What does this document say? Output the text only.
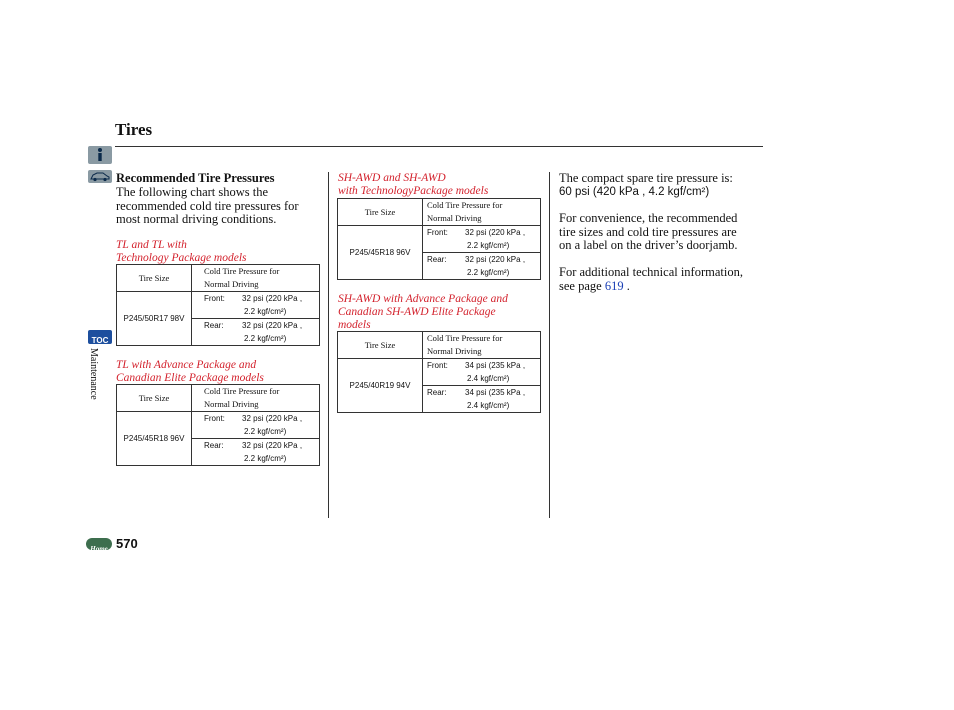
Tires
TOC
Maintenance
Home 570
Recommended Tire Pressures
The following chart shows the
recommended cold tire pressures for
most normal driving conditions.
TL and TL with
Technology Package models
Tire Size	Cold Tire Pressure for
Normal Driving

P245/50R17 98V	Front: 32 psi (220 kPa ,
2.2 kgf/cm²)

	Rear: 32 psi (220 kPa ,
2.2 kgf/cm²)
TL with Advance Package and
Canadian Elite Package models
Tire Size	Cold Tire Pressure for
Normal Driving

P245/45R18 96V	Front: 32 psi (220 kPa ,
2.2 kgf/cm²)

	Rear: 32 psi (220 kPa ,
2.2 kgf/cm²)
SH-AWD and SH-AWD
with TechnologyPackage models
Tire Size	Cold Tire Pressure for
Normal Driving

P245/45R18 96V	Front: 32 psi (220 kPa ,
2.2 kgf/cm²)

	Rear: 32 psi (220 kPa ,
2.2 kgf/cm²)
SH-AWD with Advance Package and
Canadian SH-AWD Elite Package
models
Tire Size	Cold Tire Pressure for
Normal Driving

P245/40R19 94V	Front: 34 psi (235 kPa ,
2.4 kgf/cm²)

	Rear: 34 psi (235 kPa ,
2.4 kgf/cm²)
The compact spare tire pressure is:
60 psi (420 kPa , 4.2 kgf/cm²)
For convenience, the recommended
tire sizes and cold tire pressures are
on a label on the driver’s doorjamb.
For additional technical information,
see page 619 .
